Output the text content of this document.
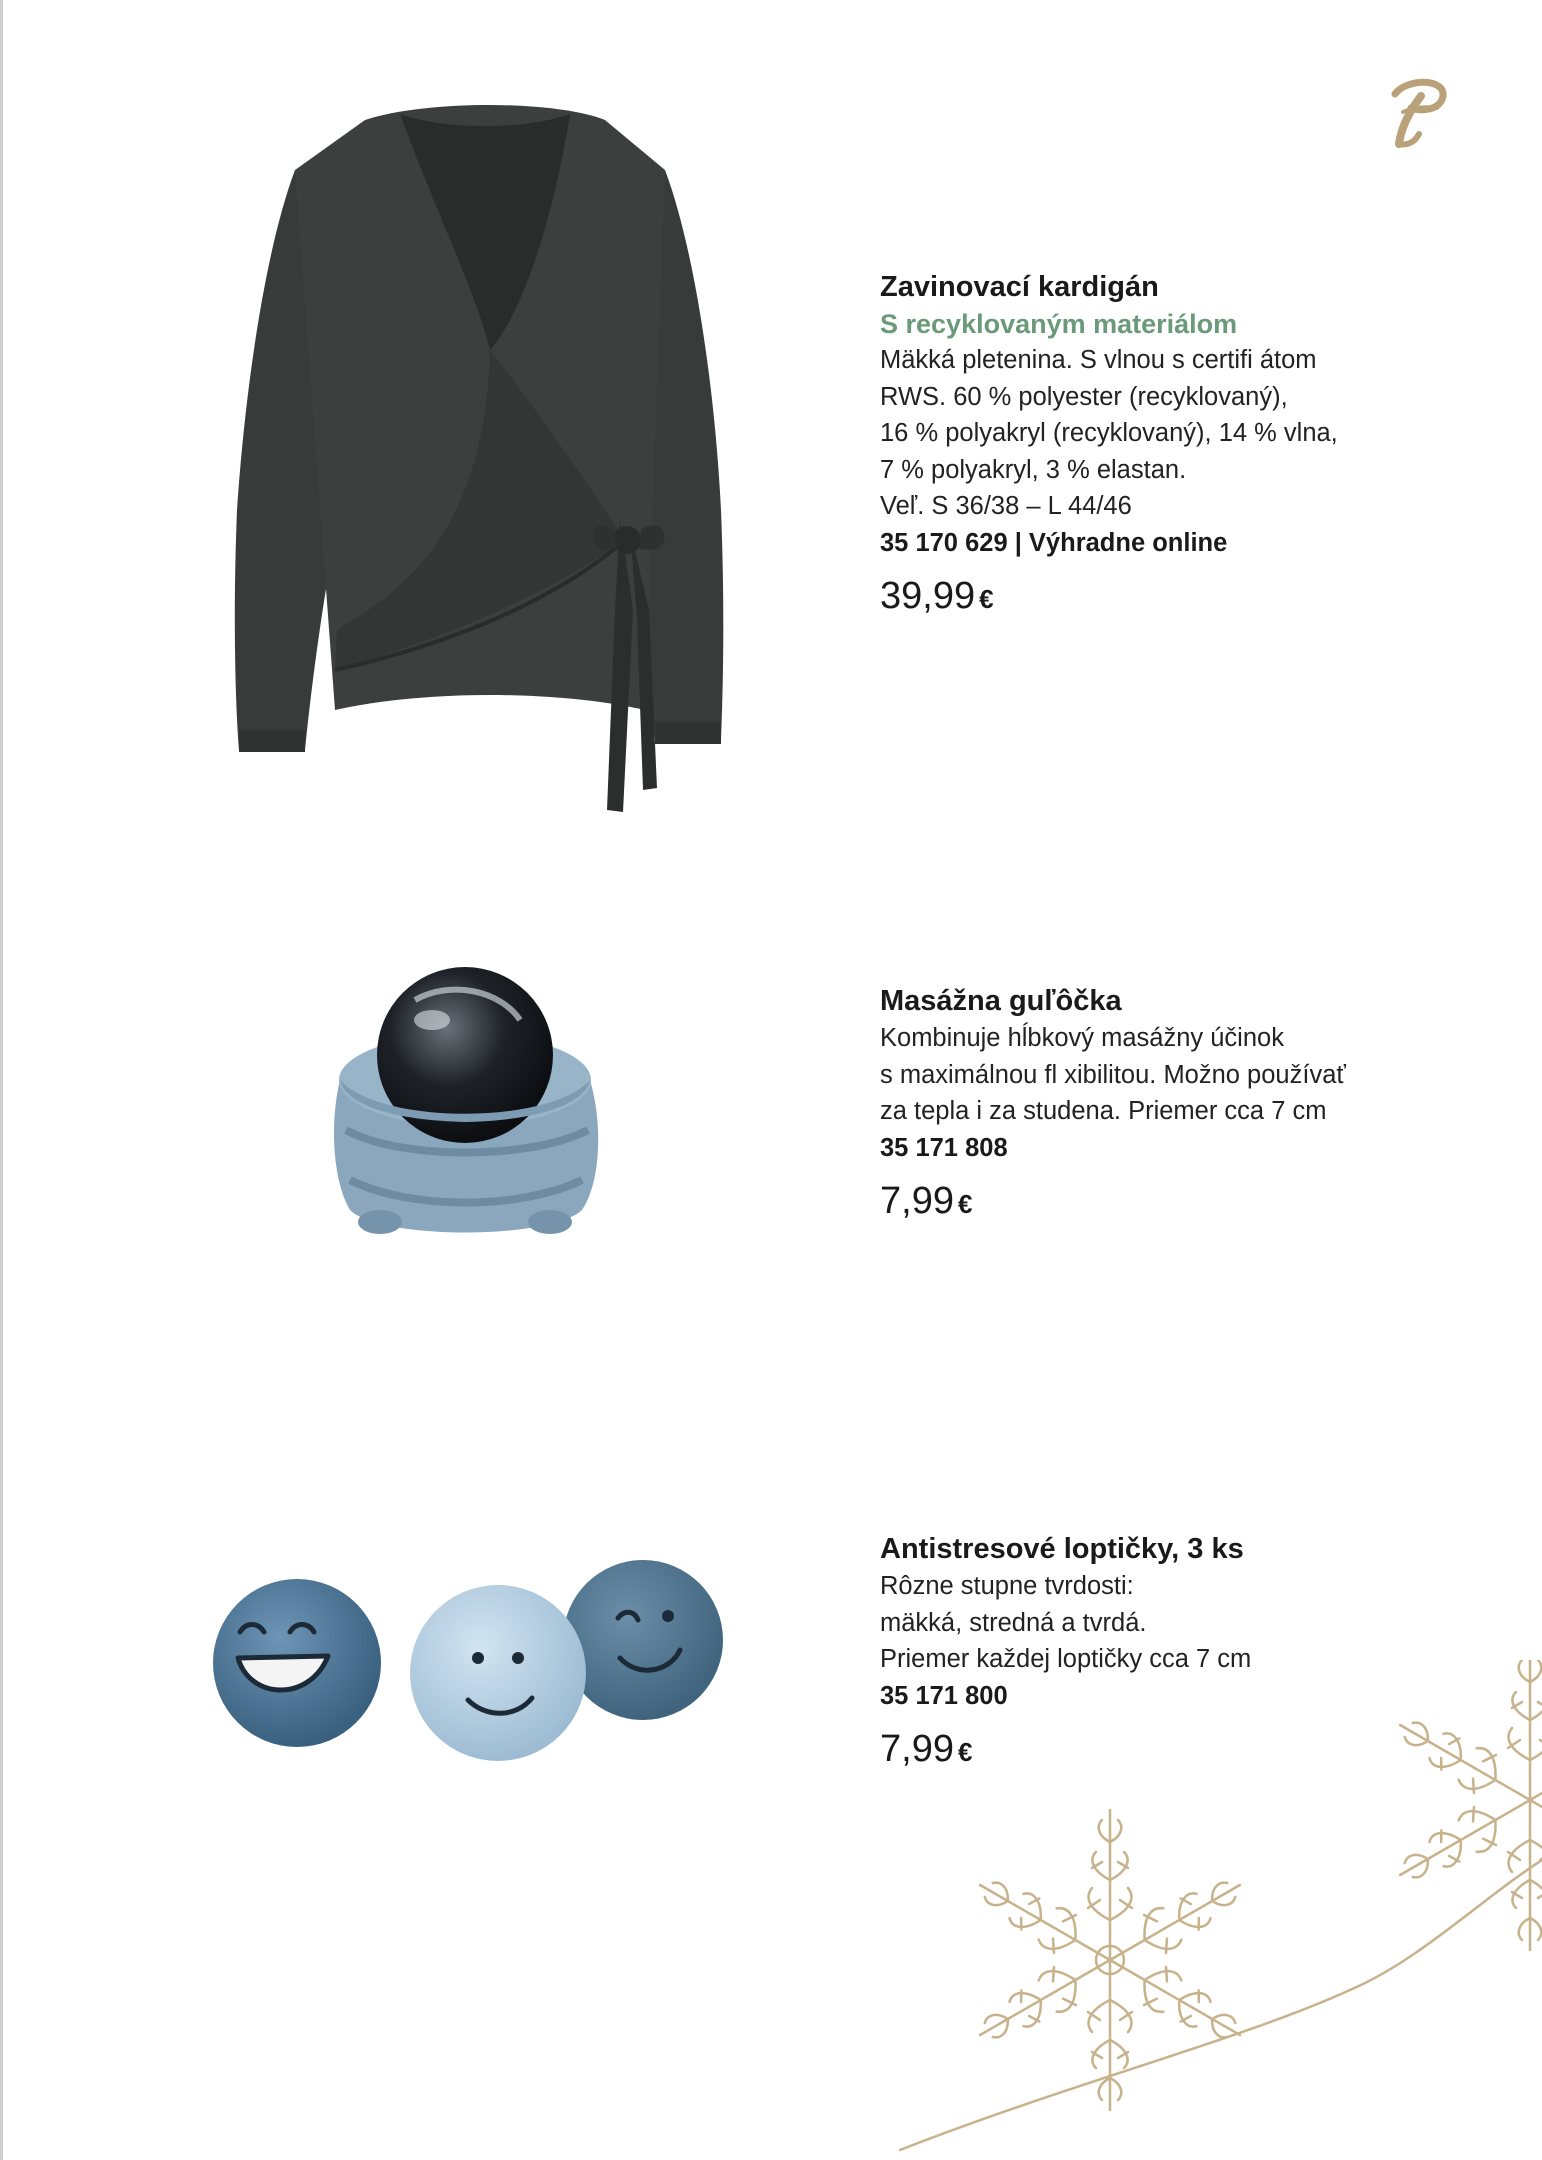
Zavinovací kardigán
S recyklovaným materiálom
Mäkká pletenina. S vlnou s certifi átom
RWS. 60 % polyester (recyklovaný),
16 % polyakryl (recyklovaný), 14 % vlna,
7 % polyakryl, 3 % elastan.
Veľ. S 36/38 – L 44/46
35 170 629 | Výhradne online
39,99 €
Masážna guľôčka
Kombinuje hĺbkový masážny účinok
s maximálnou fl xibilitou. Možno používať
za tepla i za studena. Priemer cca 7 cm
35 171 808
7,99 €
Antistresové loptičky, 3 ks
Rôzne stupne tvrdosti:
mäkká, stredná a tvrdá.
Priemer každej loptičky cca 7 cm
35 171 800
7,99 €
